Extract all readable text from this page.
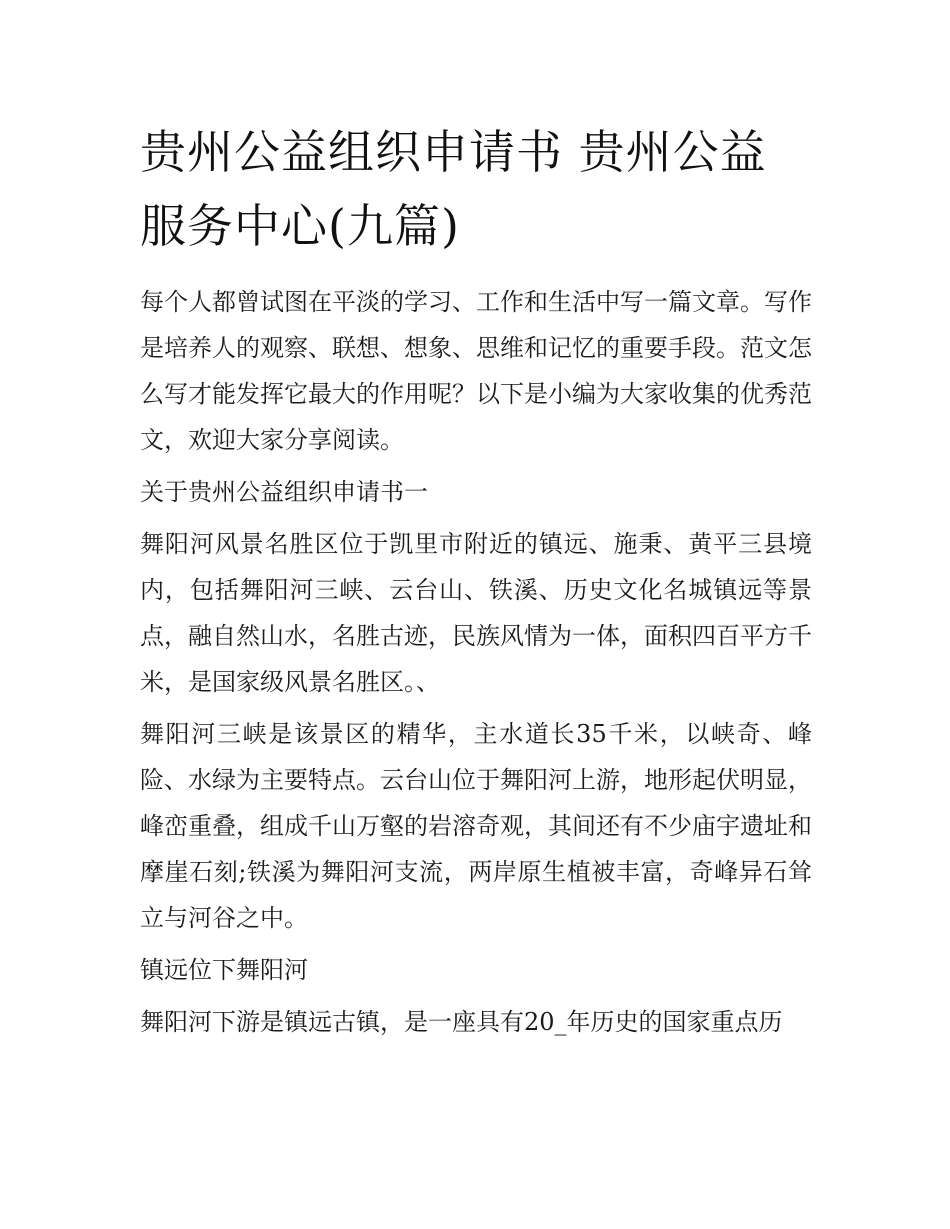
贵州公益组织申请书 贵州公益服务中心(九篇)

每个人都曾试图在平淡的学习、工作和生活中写一篇文章。写作是培养人的观察、联想、想象、思维和记忆的重要手段。范文怎么写才能发挥它最大的作用呢？以下是小编为大家收集的优秀范文，欢迎大家分享阅读。

关于贵州公益组织申请书一

舞阳河风景名胜区位于凯里市附近的镇远、施秉、黄平三县境内，包括舞阳河三峡、云台山、铁溪、历史文化名城镇远等景点，融自然山水，名胜古迹，民族风情为一体，面积四百平方千米，是国家级风景名胜区。、

舞阳河三峡是该景区的精华，主水道长35千米，以峡奇、峰险、水绿为主要特点。云台山位于舞阳河上游，地形起伏明显，峰峦重叠，组成千山万壑的岩溶奇观，其间还有不少庙宇遗址和摩崖石刻;铁溪为舞阳河支流，两岸原生植被丰富，奇峰异石耸立与河谷之中。

镇远位下舞阳河

舞阳河下游是镇远古镇，是一座具有20_年历史的国家重点历
